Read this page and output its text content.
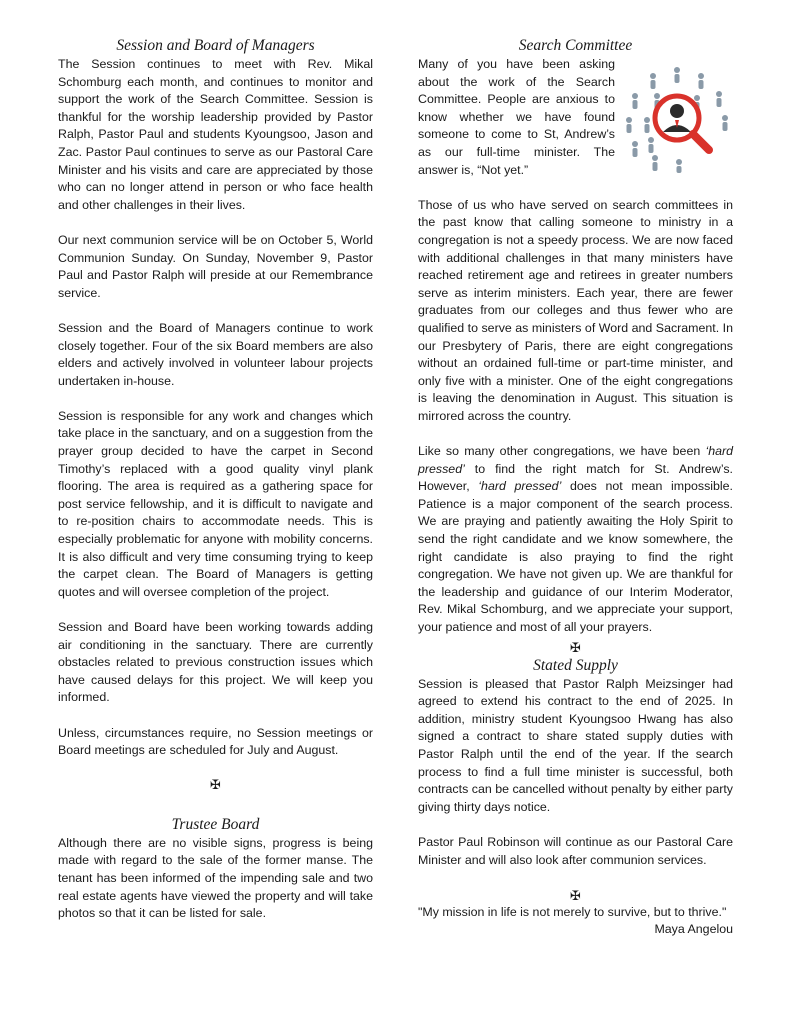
Session and Board of Managers

The Session continues to meet with Rev. Mikal Schomburg each month, and continues to monitor and support the work of the Search Committee. Session is thankful for the worship leadership provided by Pastor Ralph, Pastor Paul and students Kyoungsoo, Jason and Zac. Pastor Paul continues to serve as our Pastoral Care Minister and his visits and care are appreciated by those who can no longer attend in person or who face health and other challenges in their lives.

Our next communion service will be on October 5, World Communion Sunday. On Sunday, November 9, Pastor Paul and Pastor Ralph will preside at our Remembrance service.

Session and the Board of Managers continue to work closely together. Four of the six Board members are also elders and actively involved in volunteer labour projects undertaken in-house.

Session is responsible for any work and changes which take place in the sanctuary, and on a suggestion from the prayer group decided to have the carpet in Second Timothy’s replaced with a good quality vinyl plank flooring. The area is required as a gathering space for post service fellowship, and it is difficult to navigate and to re-position chairs to accommodate needs. This is especially problematic for anyone with mobility concerns. It is also difficult and very time consuming trying to keep the carpet clean. The Board of Managers is getting quotes and will oversee completion of the project.

Session and Board have been working towards adding air conditioning in the sanctuary. There are currently obstacles related to previous construction issues which have caused delays for this project. We will keep you informed.

Unless, circumstances require, no Session meetings or Board meetings are scheduled for July and August.

✠

Trustee Board

Although there are no visible signs, progress is being made with regard to the sale of the former manse. The tenant has been informed of the impending sale and two real estate agents have viewed the property and will take photos so that it can be listed for sale.

Search Committee

Many of you have been asking about the work of the Search Committee. People are anxious to know whether we have found someone to come to St, Andrew’s as our full-time minister. The answer is, “Not yet.”

Those of us who have served on search committees in the past know that calling someone to ministry in a congregation is not a speedy process. We are now faced with additional challenges in that many ministers have reached retirement age and retirees in greater numbers serve as interim ministers. Each year, there are fewer graduates from our colleges and thus fewer who are qualified to serve as ministers of Word and Sacrament. In our Presbytery of Paris, there are eight congregations without an ordained full-time or part-time minister, and only five with a minister. One of the eight congregations is leaving the denomination in August. This situation is mirrored across the country.

Like so many other congregations, we have been ‘hard pressed’ to find the right match for St. Andrew’s. However, ‘hard pressed’ does not mean impossible. Patience is a major component of the search process. We are praying and patiently awaiting the Holy Spirit to send the right candidate and we know somewhere, the right candidate is also praying to find the right congregation. We have not given up. We are thankful for the leadership and guidance of our Interim Moderator, Rev. Mikal Schomburg, and we appreciate your support, your patience and most of all your prayers.

✠

Stated Supply

Session is pleased that Pastor Ralph Meizsinger had agreed to extend his contract to the end of 2025. In addition, ministry student Kyoungsoo Hwang has also signed a contract to share stated supply duties with Pastor Ralph until the end of the year. If the search process to find a full time minister is successful, both contracts can be cancelled without penalty by either party giving thirty days notice.

Pastor Paul Robinson will continue as our Pastoral Care Minister and will also look after communion services.

✠

"My mission in life is not merely to survive, but to thrive."
Maya Angelou
